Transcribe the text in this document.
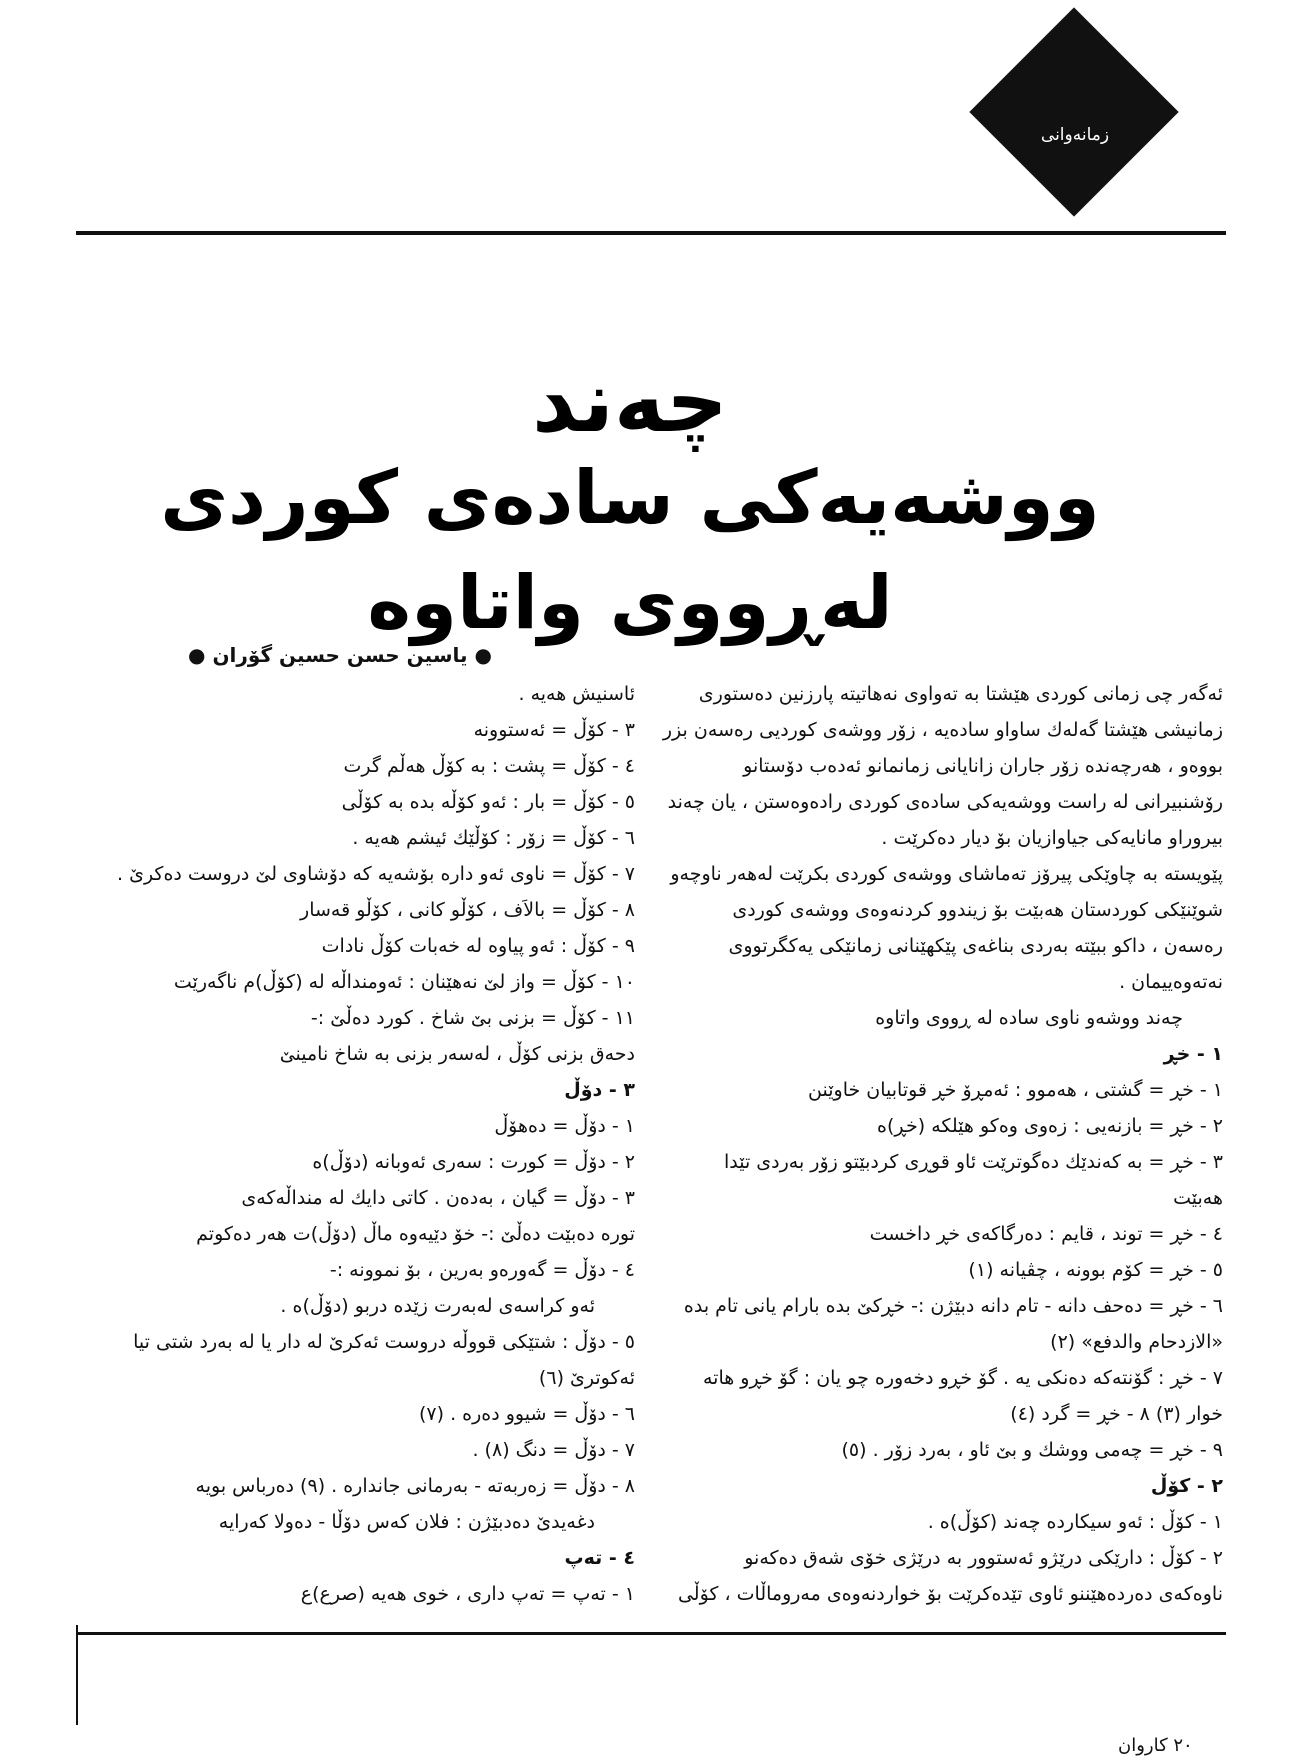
زمانەوانی
چەند
ووشەیەکی سادەی کوردی
لەڕووی واتاوە
● یاسین حسن حسین گۆران ●
ئەگەر چی زمانی کوردی هێشتا بە تەواوی نەهاتیتە پارزنین دەستوری
زمانیشی هێشتا گەلەك ساواو سادەیە ، زۆر ووشەی کوردیی رەسەن بزر
بووەو ، هەرچەندە زۆر جاران زانایانی زمانمانو ئەدەب دۆستانو
رۆشنبیرانی لە راست ووشەیەکی سادەی کوردی رادەوەستن ، یان چەند
بیروراو مانایەکی جیاوازیان بۆ دیار دەکرێت .
پێویستە بە چاوێکی پیرۆز تەماشای ووشەی کوردی بکرێت لەهەر ناوچەو
شوێنێکی کوردستان هەبێت بۆ زیندوو کردنەوەی ووشەی کوردی
رەسەن ، داکو ببێتە بەردی بناغەی پێکهێنانی زمانێکی یەکگرتووی
نەتەوەییمان .
چەند ووشەو ناوی سادە لە ڕووی واتاوە
١ - خڕ
١ - خڕ = گشتی ، هەموو : ئەمڕۆ خڕ قوتابیان خاوێنن
٢ - خڕ = بازنەیی : زەوی وەکو هێلکە (خڕ)ە
٣ - خڕ = بە کەندێك دەگوترێت ئاو قوڕی کردبێتو زۆر بەردی تێدا
هەبێت
٤ - خڕ = توند ، قایم : دەرگاکەی خڕ داخست
٥ - خڕ = کۆم بوونە ، چڤیانە (١)
٦ - خڕ = دەحف دانە - تام دانە دبێژن :- خڕکێ بدە بارام یانی تام بدە
«الازدحام والدفع» (٢)
٧ - خڕ : گۆنتەکە دەنکی یە . گۆ خڕو دخەورە چو یان : گۆ خڕو هاتە
خوار (٣) ٨ - خڕ = گرد (٤)
٩ - خڕ = چەمی ووشك و بێ ئاو ، بەرد زۆر . (٥)
٢ - کۆڵ
١ - کۆڵ : ئەو سیکاردە چەند (کۆڵ)ە .
٢ - کۆڵ : دارێکی درێژو ئەستوور بە درێژی خۆی شەق دەکەنو
ناوەکەی دەردەهێننو ئاوی تێدەکرێت بۆ خواردنەوەی مەروماڵات ، کۆڵی
ئاسنیش هەیە .
٣ - کۆڵ = ئەستوونە
٤ - کۆڵ = پشت : بە کۆڵ هەڵم گرت
٥ - کۆڵ = بار : ئەو کۆڵە بدە بە کۆڵی
٦ - کۆڵ = زۆر : کۆڵێك ئیشم هەیە .
٧ - کۆڵ = ناوی ئەو دارە بۆشەیە کە دۆشاوی لێ دروست دەکرێ .
٨ - کۆڵ = بالاَف ، کۆڵو کانی ، کۆڵو قەسار
٩ - کۆڵ : ئەو پیاوە لە خەبات کۆڵ نادات
١٠ - کۆڵ = واز لێ نەهێنان : ئەومنداڵە لە (کۆڵ)م ناگەرێت
١١ - کۆڵ = بزنی بێ شاخ . کورد دەڵێ :-
دحەق بزنی کۆڵ ، لەسەر بزنی بە شاخ نامینێ
٣ - دۆڵ
١ - دۆڵ = دەهۆڵ
٢ - دۆڵ = کورت : سەری ئەوبانە (دۆڵ)ە
٣ - دۆڵ = گیان ، بەدەن . کاتی دایك لە منداڵەکەی
تورە دەبێت دەڵێ :- خۆ دێیەوە ماڵ (دۆڵ)ت هەر دەکوتم
٤ - دۆڵ = گەورەو بەرین ، بۆ نموونە :-
ئەو کراسەی لەبەرت زێدە دربو (دۆڵ)ە .
٥ - دۆڵ : شتێکی قووڵە دروست ئەکرێ لە دار یا لە بەرد شتی تیا
ئەکوترێ (٦)
٦ - دۆڵ = شیوو دەرە . (٧)
٧ - دۆڵ = دنگ (٨) .
٨ - دۆڵ = زەربەتە - بەرمانی جاندارە . (٩) دەرباس بویە
دغەیدێ دەدبێژن : فلان کەس دۆڵا - دەولا کەرایە
٤ - تەپ
١ - تەپ = تەپ داری ، خوی هەیە (صرع)ع
٢٠ کاروان
